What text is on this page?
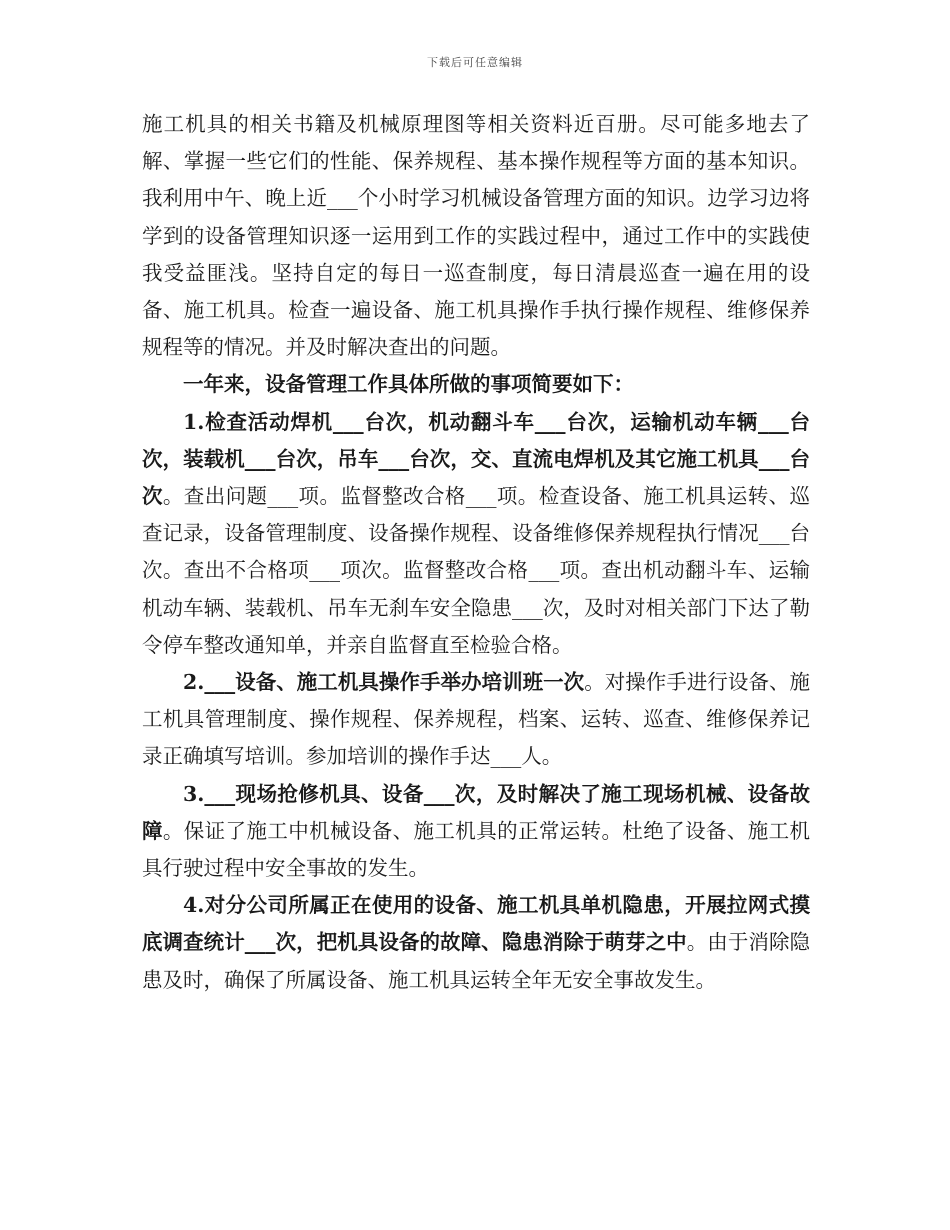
下载后可任意编辑

施工机具的相关书籍及机械原理图等相关资料近百册。尽可能多地去了解、掌握一些它们的性能、保养规程、基本操作规程等方面的基本知识。我利用中午、晚上近___个小时学习机械设备管理方面的知识。边学习边将学到的设备管理知识逐一运用到工作的实践过程中，通过工作中的实践使我受益匪浅。坚持自定的每日一巡查制度，每日清晨巡查一遍在用的设备、施工机具。检查一遍设备、施工机具操作手执行操作规程、维修保养规程等的情况。并及时解决查出的问题。

一年来，设备管理工作具体所做的事项简要如下：

1.检查活动焊机___台次，机动翻斗车___台次，运输机动车辆___台次，装载机___台次，吊车___台次，交、直流电焊机及其它施工机具___台次。查出问题___项。监督整改合格___项。检查设备、施工机具运转、巡查记录，设备管理制度、设备操作规程、设备维修保养规程执行情况___台次。查出不合格项___项次。监督整改合格___项。查出机动翻斗车、运输机动车辆、装载机、吊车无刹车安全隐患___次，及时对相关部门下达了勒令停车整改通知单，并亲自监督直至检验合格。

2.___设备、施工机具操作手举办培训班一次。对操作手进行设备、施工机具管理制度、操作规程、保养规程，档案、运转、巡查、维修保养记录正确填写培训。参加培训的操作手达___人。

3.___现场抢修机具、设备___次，及时解决了施工现场机械、设备故障。保证了施工中机械设备、施工机具的正常运转。杜绝了设备、施工机具行驶过程中安全事故的发生。

4.对分公司所属正在使用的设备、施工机具单机隐患，开展拉网式摸底调查统计___次，把机具设备的故障、隐患消除于萌芽之中。由于消除隐患及时，确保了所属设备、施工机具运转全年无安全事故发生。
